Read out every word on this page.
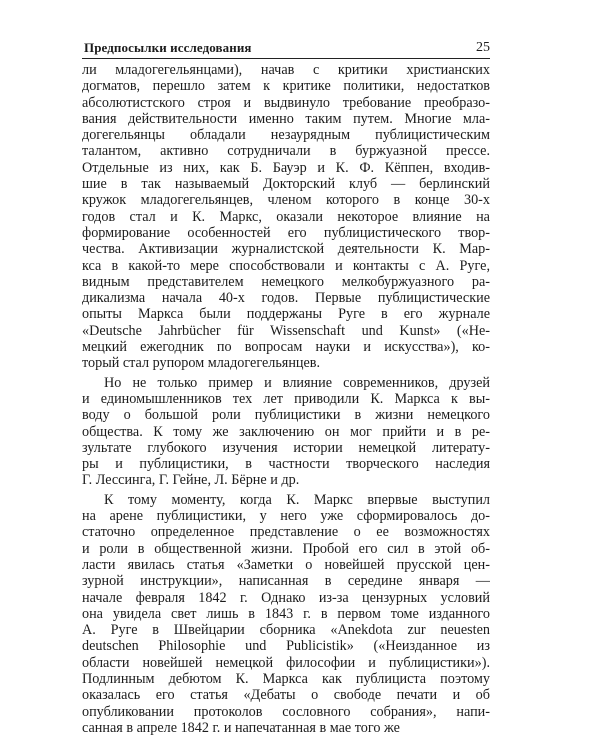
Предпосылки исследования	25
ли младогегельянцами), начав с критики христианских
догматов, перешло затем к критике политики, недостатков
абсолютистского строя и выдвинуло требование преобразо-
вания действительности именно таким путем. Многие мла-
догегельянцы обладали незаурядным публицистическим
талантом, активно сотрудничали в буржуазной прессе.
Отдельные из них, как Б. Бауэр и К. Ф. Кёппен, входив-
шие в так называемый Докторский клуб — берлинский
кружок младогегельянцев, членом которого в конце 30-х
годов стал и К. Маркс, оказали некоторое влияние на
формирование особенностей его публицистического твор-
чества. Активизации журналистской деятельности К. Мар-
кса в какой-то мере способствовали и контакты с А. Руге,
видным представителем немецкого мелкобуржуазного ра-
дикализма начала 40-х годов. Первые публицистические
опыты Маркса были поддержаны Руге в его журнале
«Deutsche Jahrbücher für Wissenschaft und Kunst» («Не-
мецкий ежегодник по вопросам науки и искусства»), ко-
торый стал рупором младогегельянцев.
Но не только пример и влияние современников, друзей
и единомышленников тех лет приводили К. Маркса к вы-
воду о большой роли публицистики в жизни немецкого
общества. К тому же заключению он мог прийти и в ре-
зультате глубокого изучения истории немецкой литерату-
ры и публицистики, в частности творческого наследия
Г. Лессинга, Г. Гейне, Л. Бёрне и др.
К тому моменту, когда К. Маркс впервые выступил
на арене публицистики, у него уже сформировалось до-
статочно определенное представление о ее возможностях
и роли в общественной жизни. Пробой его сил в этой об-
ласти явилась статья «Заметки о новейшей прусской цен-
зурной инструкции», написанная в середине января —
начале февраля 1842 г. Однако из-за цензурных условий
она увидела свет лишь в 1843 г. в первом томе изданного
А. Руге в Швейцарии сборника «Anekdota zur neuesten
deutschen Philosophie und Publicistik» («Неизданное из
области новейшей немецкой философии и публицистики»).
Подлинным дебютом К. Маркса как публициста поэтому
оказалась его статья «Дебаты о свободе печати и об
опубликовании протоколов сословного собрания», напи-
санная в апреле 1842 г. и напечатанная в мае того же
